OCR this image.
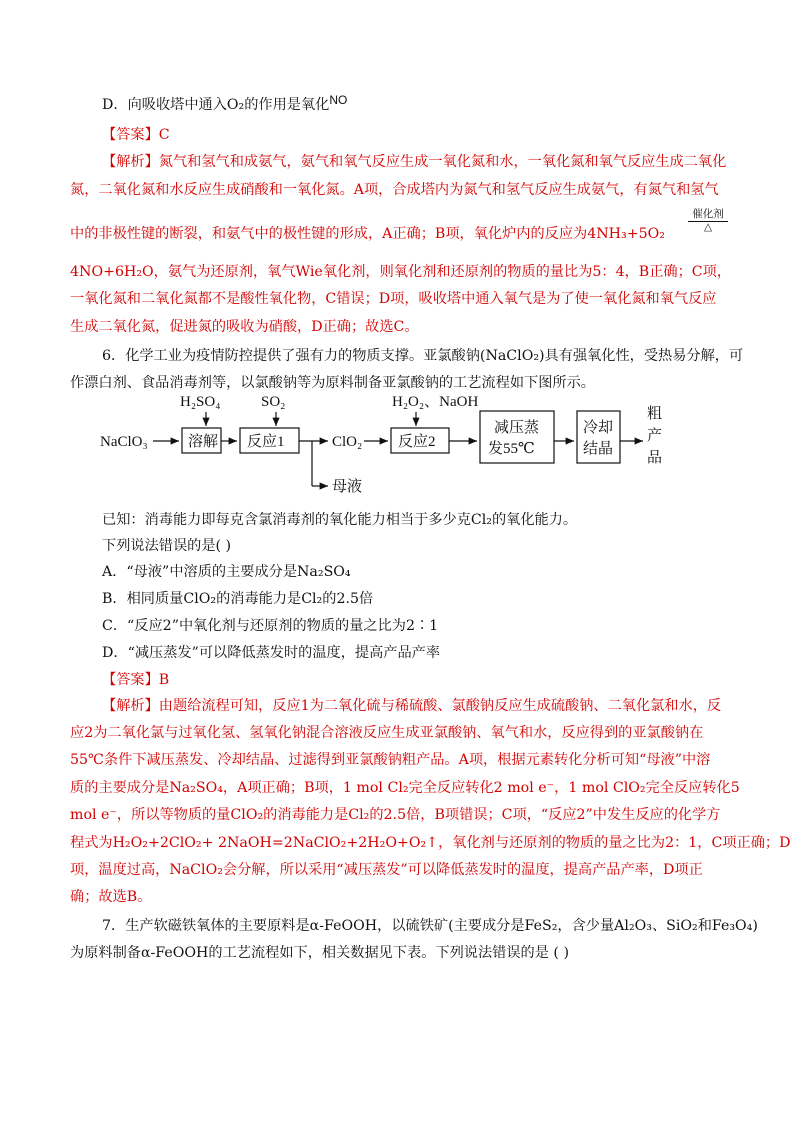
D．向吸收塔中通入O₂的作用是氧化$^{NO}$
【答案】C
【解析】氮气和氢气和成氨气，氨气和氧气反应生成一氧化氮和水，一氧化氮和氧气反应生成二氧化
氮，二氧化氮和水反应生成硝酸和一氧化氮。A项，合成塔内为氮气和氢气反应生成氨气，有氮气和氢气
中的非极性键的断裂，和氨气中的极性键的形成，A正确；B项，氧化炉内的反应为4NH₃+5O₂
催化剂
△
4NO+6H₂O，氨气为还原剂，氧气Wie氧化剂，则氧化剂和还原剂的物质的量比为5：4，B正确；C项，
一氧化氮和二氧化氮都不是酸性氧化物，C错误；D项，吸收塔中通入氧气是为了使一氧化氮和氧气反应
生成二氧化氮，促进氮的吸收为硝酸，D正确；故选C。
6．化学工业为疫情防控提供了强有力的物质支撑。亚氯酸钠(NaClO₂)具有强氧化性，受热易分解，可
作漂白剂、食品消毒剂等，以氯酸钠等为原料制备亚氯酸钠的工艺流程如下图所示。
NaClO₃
H₂SO₄
溶解
SO₂
反应1	ClO₂
母液
H₂O₂、NaOH
反应2
减压蒸
发55℃
冷却
结晶
粗
产
品
已知：消毒能力即每克含氯消毒剂的氧化能力相当于多少克Cl₂的氧化能力。
下列说法错误的是( )
A．“母液”中溶质的主要成分是Na₂SO₄
B．相同质量ClO₂的消毒能力是Cl₂的2.5倍
C．“反应2”中氧化剂与还原剂的物质的量之比为2∶1
D．“减压蒸发”可以降低蒸发时的温度，提高产品产率
【答案】B
【解析】由题给流程可知，反应1为二氧化硫与稀硫酸、氯酸钠反应生成硫酸钠、二氧化氯和水，反
应2为二氧化氯与过氧化氢、氢氧化钠混合溶液反应生成亚氯酸钠、氧气和水，反应得到的亚氯酸钠在
55℃条件下减压蒸发、冷却结晶、过滤得到亚氯酸钠粗产品。A项，根据元素转化分析可知“母液”中溶
质的主要成分是Na₂SO₄，A项正确；B项，1 mol Cl₂完全反应转化2 mol e⁻，1 mol ClO₂完全反应转化5
mol e⁻，所以等物质的量ClO₂的消毒能力是Cl₂的2.5倍，B项错误；C项，“反应2”中发生反应的化学方
程式为H₂O₂+2ClO₂+ 2NaOH=2NaClO₂+2H₂O+O₂↑，氧化剂与还原剂的物质的量之比为2：1，C项正确；D
项，温度过高，NaClO₂会分解，所以采用“减压蒸发”可以降低蒸发时的温度，提高产品产率，D项正
确；故选B。
7．生产软磁铁氧体的主要原料是α-FeOOH，以硫铁矿(主要成分是FeS₂，含少量Al₂O₃、SiO₂和Fe₃O₄)
为原料制备α-FeOOH的工艺流程如下，相关数据见下表。下列说法错误的是 ( )
